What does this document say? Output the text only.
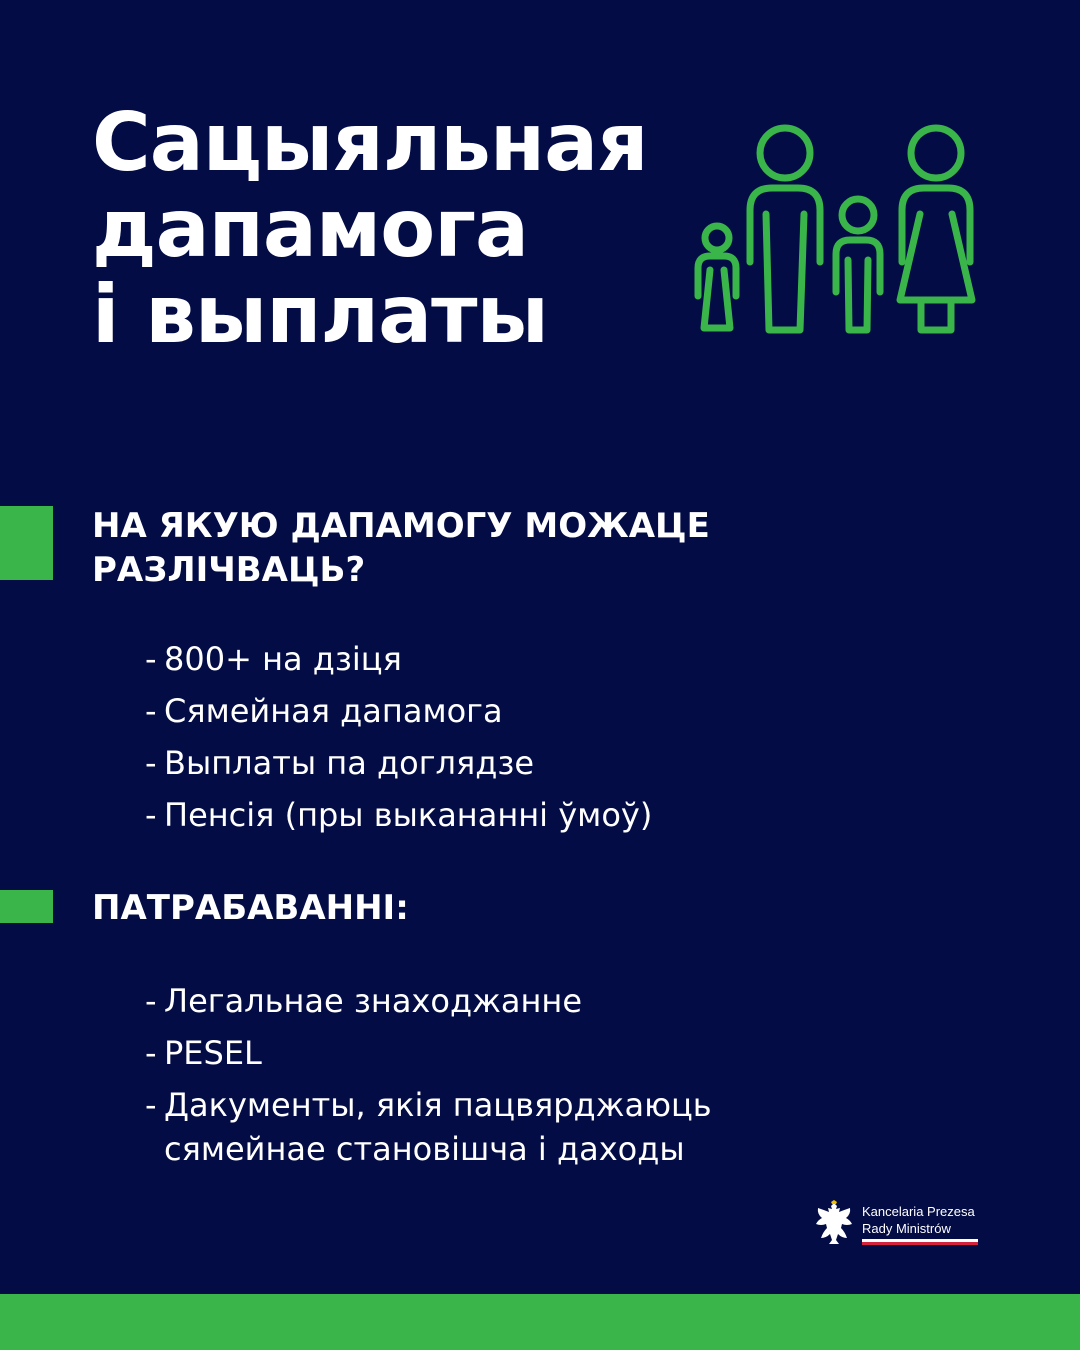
Сацыяльная
дапамога
і выплаты
НА ЯКУЮ ДАПАМОГУ МОЖАЦЕ
РАЗЛІЧВАЦЬ?
- 800+ на дзіця
- Сямейная дапамога
- Выплаты па доглядзе
- Пенсія (пры выкананні ўмоў)
ПАТРАБАВАННІ:
- Легальнае знаходжанне
- PESEL
- Дакументы, якія пацвярджаюць
сямейнае становішча і даходы
Kancelaria Prezesa
Rady Ministrów
